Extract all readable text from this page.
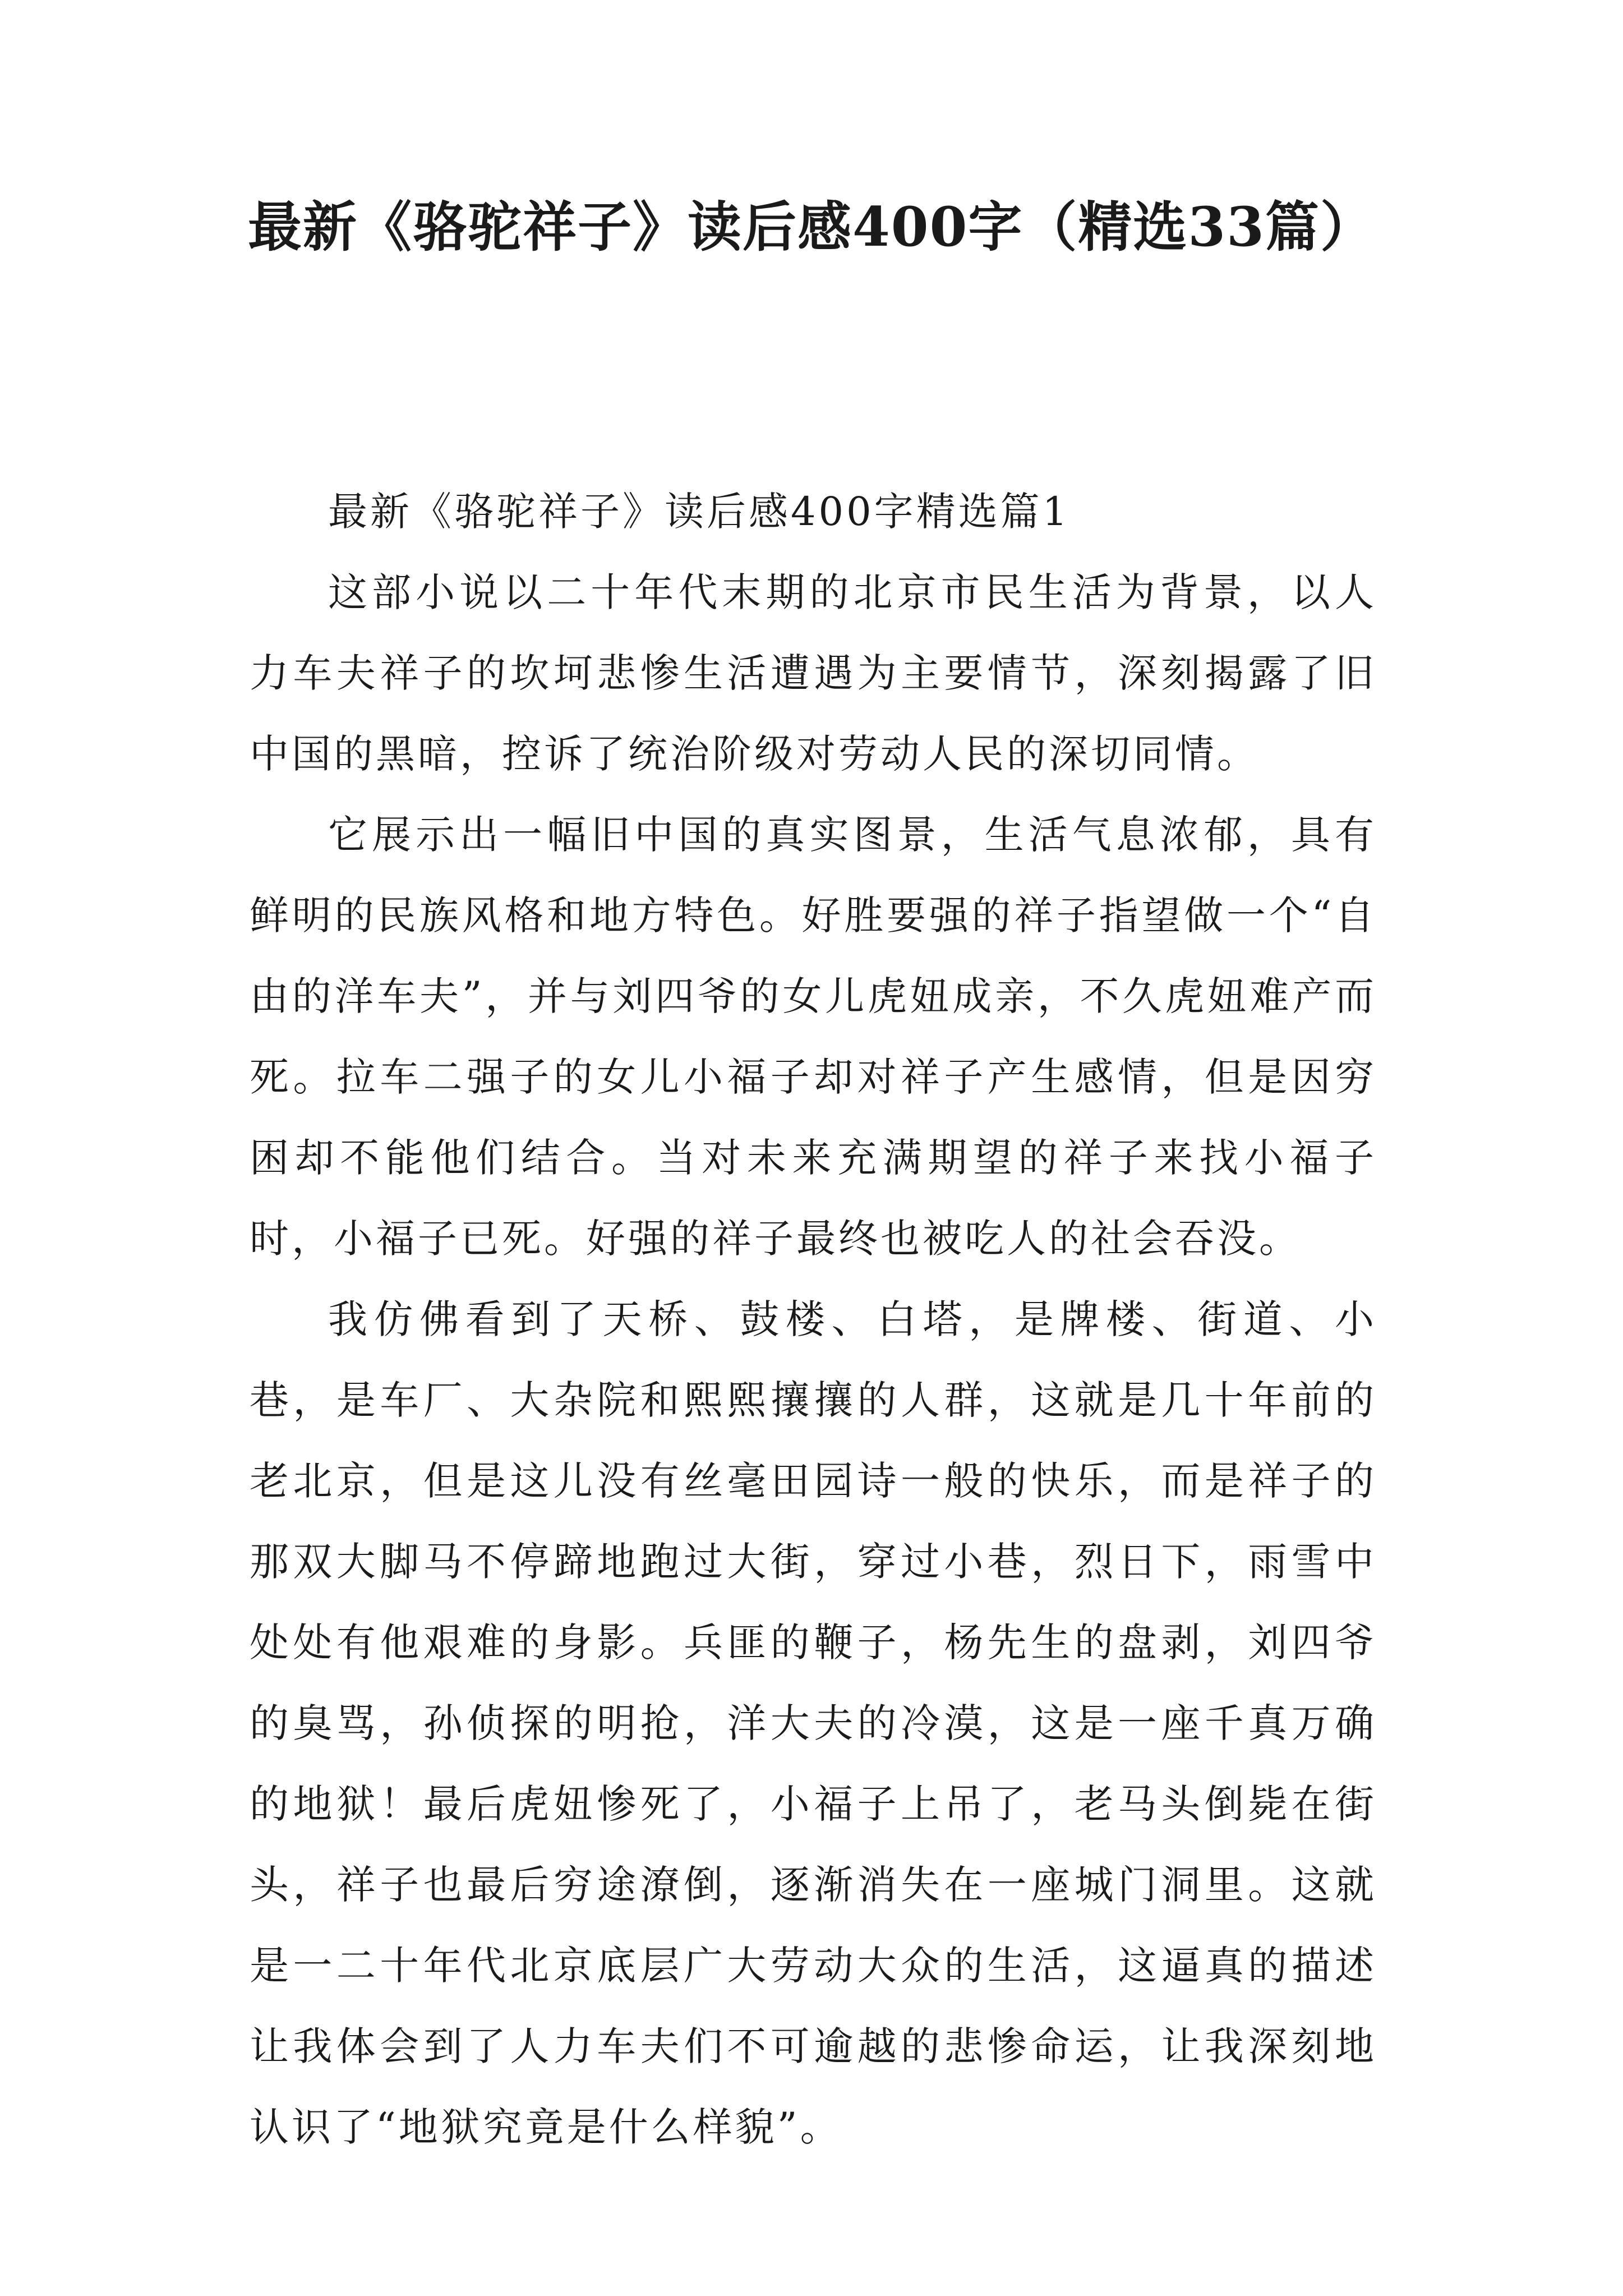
最新《骆驼祥子》读后感400字（精选33篇）

最新《骆驼祥子》读后感400字精选篇1

这部小说以二十年代末期的北京市民生活为背景，以人力车夫祥子的坎坷悲惨生活遭遇为主要情节，深刻揭露了旧中国的黑暗，控诉了统治阶级对劳动人民的深切同情。

它展示出一幅旧中国的真实图景，生活气息浓郁，具有鲜明的民族风格和地方特色。好胜要强的祥子指望做一个“自由的洋车夫”，并与刘四爷的女儿虎妞成亲，不久虎妞难产而死。拉车二强子的女儿小福子却对祥子产生感情，但是因穷困却不能他们结合。当对未来充满期望的祥子来找小福子时，小福子已死。好强的祥子最终也被吃人的社会吞没。

我仿佛看到了天桥、鼓楼、白塔，是牌楼、街道、小巷，是车厂、大杂院和熙熙攘攘的人群，这就是几十年前的老北京，但是这儿没有丝毫田园诗一般的快乐，而是祥子的那双大脚马不停蹄地跑过大街，穿过小巷，烈日下，雨雪中处处有他艰难的身影。兵匪的鞭子，杨先生的盘剥，刘四爷的臭骂，孙侦探的明抢，洋大夫的冷漠，这是一座千真万确的地狱！最后虎妞惨死了，小福子上吊了，老马头倒毙在街头，祥子也最后穷途潦倒，逐渐消失在一座城门洞里。这就是一二十年代北京底层广大劳动大众的生活，这逼真的描述让我体会到了人力车夫们不可逾越的悲惨命运，让我深刻地认识了“地狱究竟是什么样貌”。
